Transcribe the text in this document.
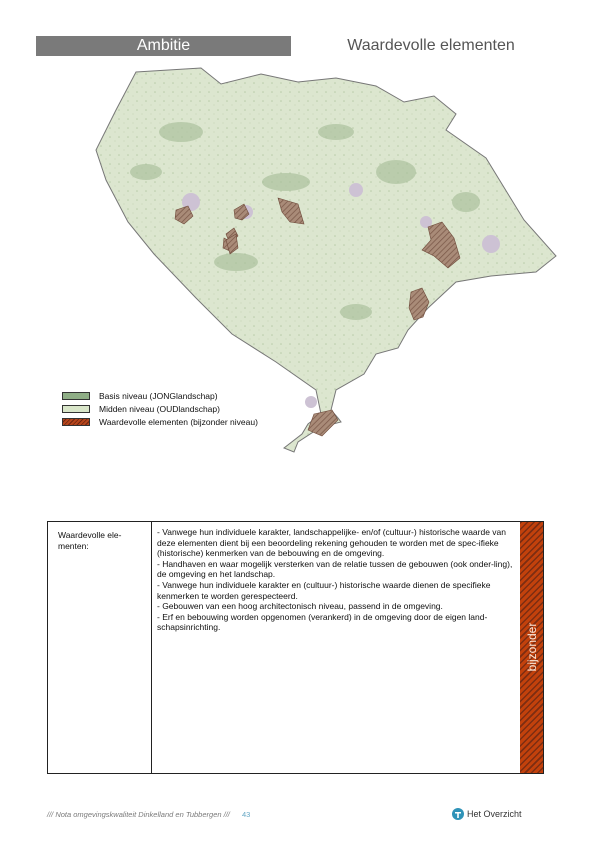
Ambitie	Waardevolle elementen
Basis niveau (JONGlandschap)
Midden niveau (OUDlandschap)
Waardevolle elementen (bijzonder niveau)
Waardevolle ele-
menten:

- Vanwege hun individuele karakter, landschappelijke- en/of (cultuur-) historische waarde van deze elementen dient bij een beoordeling rekening gehouden te worden met de spec-ifieke (historische) kenmerken van de bebouwing en de omgeving.

- Handhaven en waar mogelijk versterken van de relatie tussen de gebouwen (ook onder-ling), de omgeving en het landschap.

- Vanwege hun individuele karakter en (cultuur-) historische waarde dienen de specifieke kenmerken te worden gerespecteerd.

- Gebouwen van een hoog architectonisch niveau, passend in de omgeving.

- Erf en bebouwing worden opgenomen (verankerd) in de omgeving door de eigen land-schapsinrichting.	bijzonder
/// Nota omgevingskwaliteit Dinkelland en Tubbergen /// 43	Het Overzicht
